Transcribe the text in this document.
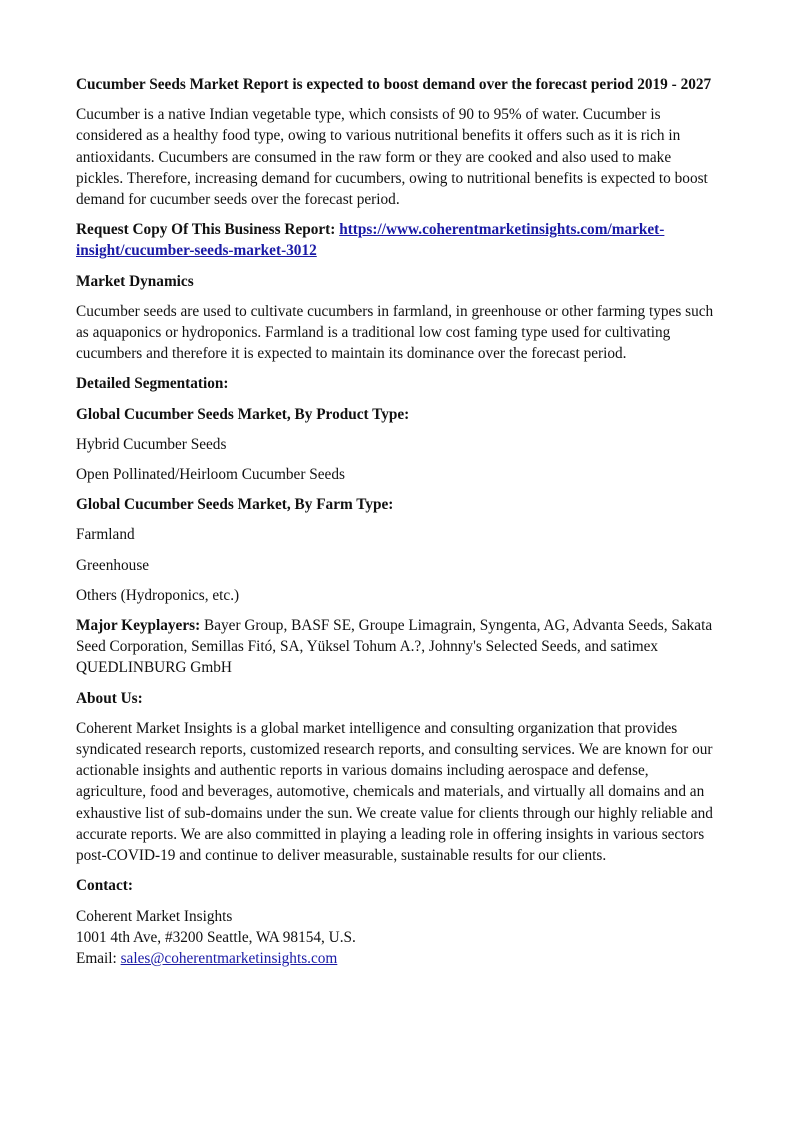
Cucumber Seeds Market Report is expected to boost demand over the forecast period 2019 - 2027

Cucumber is a native Indian vegetable type, which consists of 90 to 95% of water. Cucumber is considered as a healthy food type, owing to various nutritional benefits it offers such as it is rich in antioxidants. Cucumbers are consumed in the raw form or they are cooked and also used to make pickles. Therefore, increasing demand for cucumbers, owing to nutritional benefits is expected to boost demand for cucumber seeds over the forecast period.

Request Copy Of This Business Report: https://www.coherentmarketinsights.com/market-insight/cucumber-seeds-market-3012

Market Dynamics

Cucumber seeds are used to cultivate cucumbers in farmland, in greenhouse or other farming types such as aquaponics or hydroponics. Farmland is a traditional low cost faming type used for cultivating cucumbers and therefore it is expected to maintain its dominance over the forecast period.

Detailed Segmentation:

Global Cucumber Seeds Market, By Product Type:

Hybrid Cucumber Seeds

Open Pollinated/Heirloom Cucumber Seeds

Global Cucumber Seeds Market, By Farm Type:

Farmland

Greenhouse

Others (Hydroponics, etc.)

Major Keyplayers: Bayer Group, BASF SE, Groupe Limagrain, Syngenta, AG, Advanta Seeds, Sakata Seed Corporation, Semillas Fitó, SA, Yüksel Tohum A.?, Johnny's Selected Seeds, and satimex QUEDLINBURG GmbH

About Us:

Coherent Market Insights is a global market intelligence and consulting organization that provides syndicated research reports, customized research reports, and consulting services. We are known for our actionable insights and authentic reports in various domains including aerospace and defense, agriculture, food and beverages, automotive, chemicals and materials, and virtually all domains and an exhaustive list of sub-domains under the sun. We create value for clients through our highly reliable and accurate reports. We are also committed in playing a leading role in offering insights in various sectors post-COVID-19 and continue to deliver measurable, sustainable results for our clients.

Contact:

Coherent Market Insights
1001 4th Ave, #3200 Seattle, WA 98154, U.S.
Email: sales@coherentmarketinsights.com
